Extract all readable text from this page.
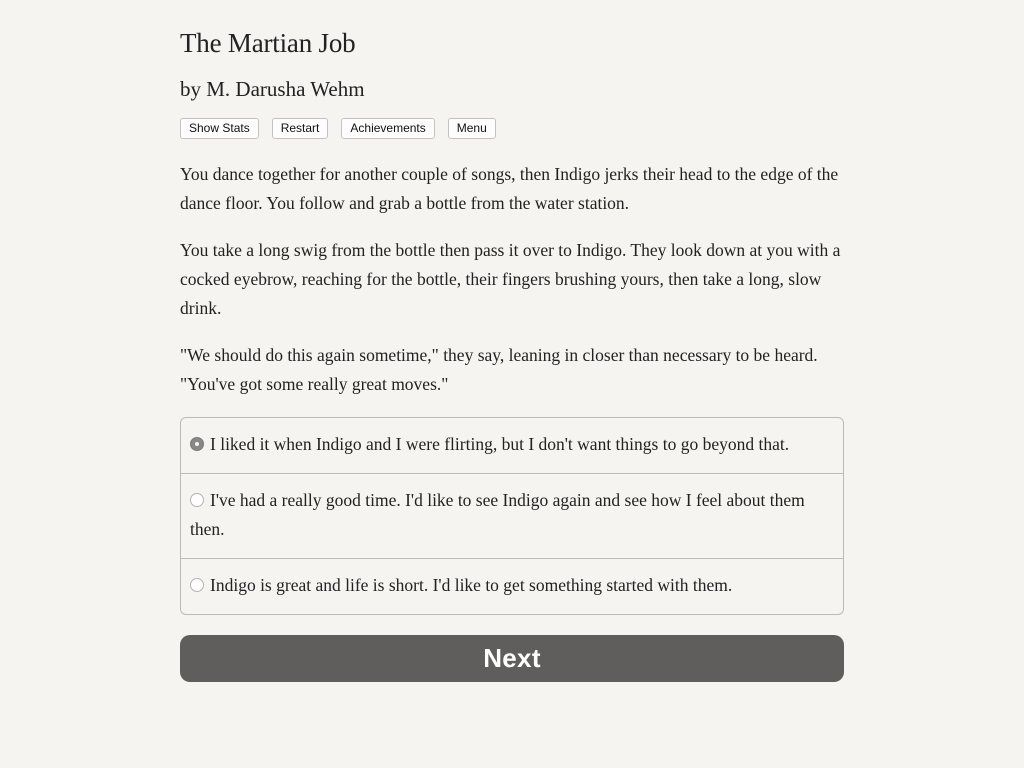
The Martian Job
by M. Darusha Wehm
Show Stats	Restart	Achievements	Menu

You dance together for another couple of songs, then Indigo jerks their head to the edge of the dance floor. You follow and grab a bottle from the water station.

You take a long swig from the bottle then pass it over to Indigo. They look down at you with a cocked eyebrow, reaching for the bottle, their fingers brushing yours, then take a long, slow drink.

"We should do this again sometime," they say, leaning in closer than necessary to be heard. "You've got some really great moves."

I liked it when Indigo and I were flirting, but I don't want things to go beyond that.
I've had a really good time. I'd like to see Indigo again and see how I feel about them then.
Indigo is great and life is short. I'd like to get something started with them.
Next
